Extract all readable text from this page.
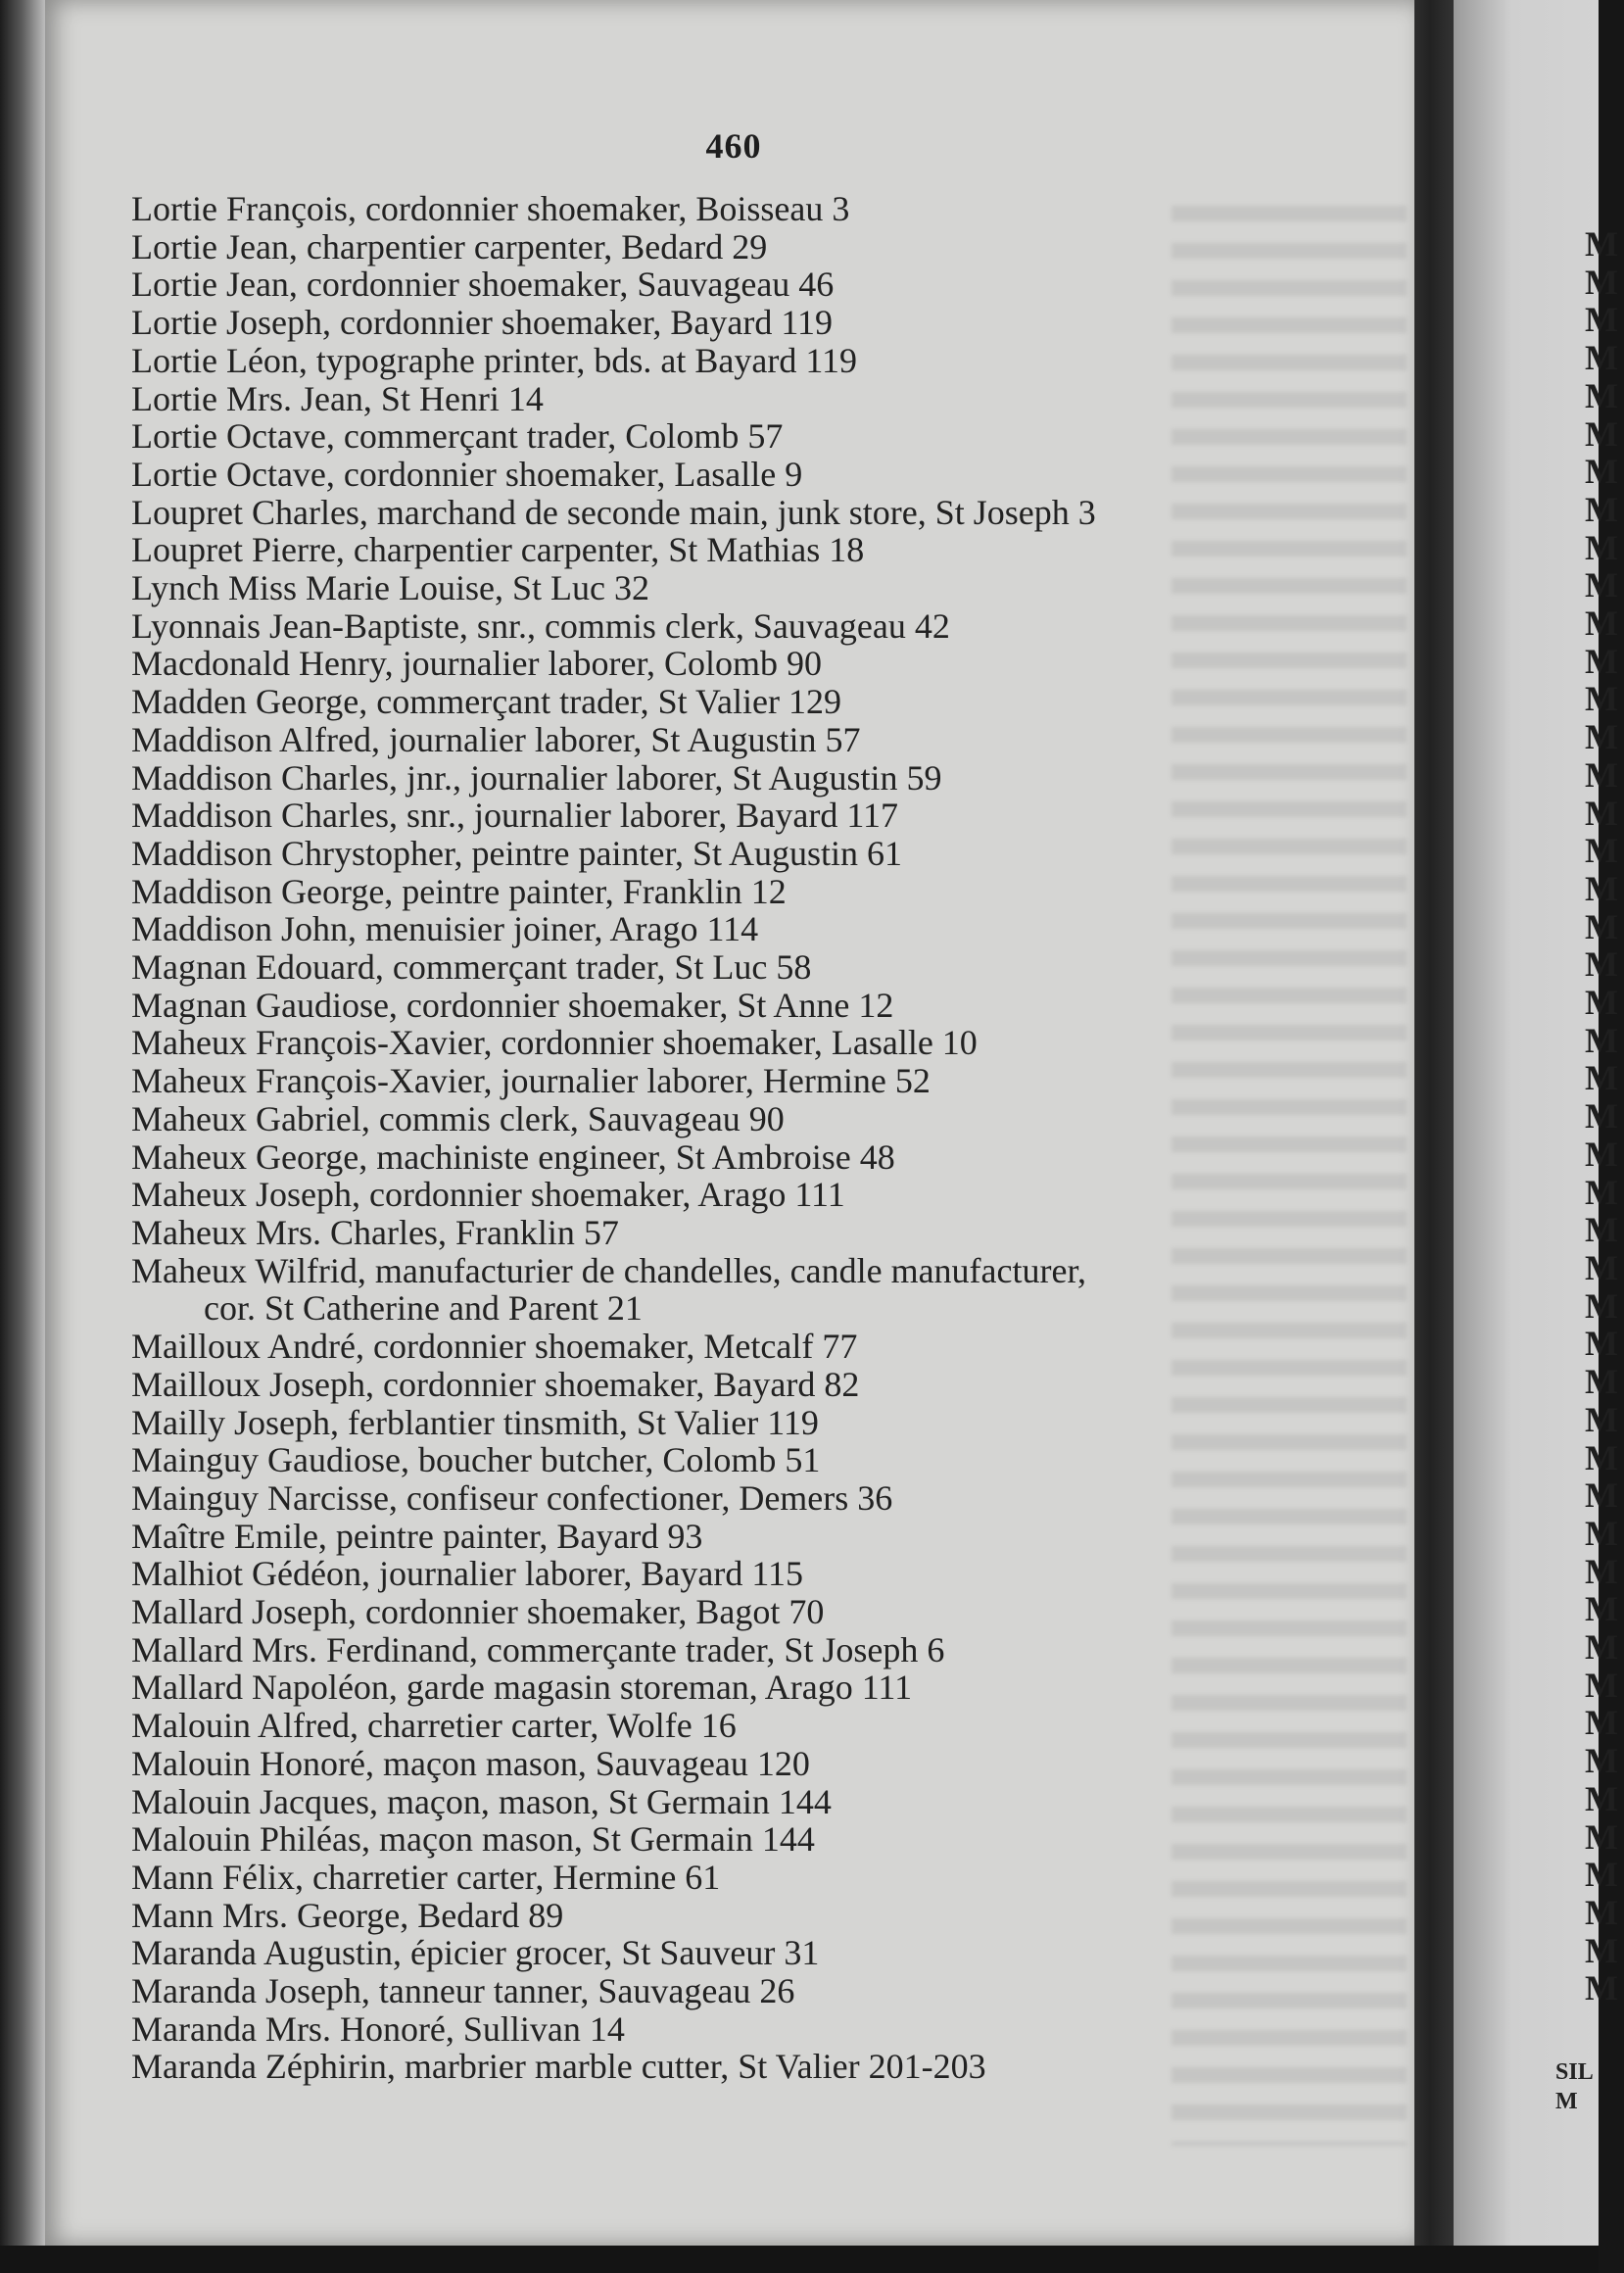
460
Lortie François, cordonnier shoemaker, Boisseau 3
Lortie Jean, charpentier carpenter, Bedard 29
Lortie Jean, cordonnier shoemaker, Sauvageau 46
Lortie Joseph, cordonnier shoemaker, Bayard 119
Lortie Léon, typographe printer, bds. at Bayard 119
Lortie Mrs. Jean, St Henri 14
Lortie Octave, commerçant trader, Colomb 57
Lortie Octave, cordonnier shoemaker, Lasalle 9
Loupret Charles, marchand de seconde main, junk store, St Joseph 3
Loupret Pierre, charpentier carpenter, St Mathias 18
Lynch Miss Marie Louise, St Luc 32
Lyonnais Jean-Baptiste, snr., commis clerk, Sauvageau 42
Macdonald Henry, journalier laborer, Colomb 90
Madden George, commerçant trader, St Valier 129
Maddison Alfred, journalier laborer, St Augustin 57
Maddison Charles, jnr., journalier laborer, St Augustin 59
Maddison Charles, snr., journalier laborer, Bayard 117
Maddison Chrystopher, peintre painter, St Augustin 61
Maddison George, peintre painter, Franklin 12
Maddison John, menuisier joiner, Arago 114
Magnan Edouard, commerçant trader, St Luc 58
Magnan Gaudiose, cordonnier shoemaker, St Anne 12
Maheux François-Xavier, cordonnier shoemaker, Lasalle 10
Maheux François-Xavier, journalier laborer, Hermine 52
Maheux Gabriel, commis clerk, Sauvageau 90
Maheux George, machiniste engineer, St Ambroise 48
Maheux Joseph, cordonnier shoemaker, Arago 111
Maheux Mrs. Charles, Franklin 57
Maheux Wilfrid, manufacturier de chandelles, candle manufacturer,
cor. St Catherine and Parent 21
Mailloux André, cordonnier shoemaker, Metcalf 77
Mailloux Joseph, cordonnier shoemaker, Bayard 82
Mailly Joseph, ferblantier tinsmith, St Valier 119
Mainguy Gaudiose, boucher butcher, Colomb 51
Mainguy Narcisse, confiseur confectioner, Demers 36
Maître Emile, peintre painter, Bayard 93
Malhiot Gédéon, journalier laborer, Bayard 115
Mallard Joseph, cordonnier shoemaker, Bagot 70
Mallard Mrs. Ferdinand, commerçante trader, St Joseph 6
Mallard Napoléon, garde magasin storeman, Arago 111
Malouin Alfred, charretier carter, Wolfe 16
Malouin Honoré, maçon mason, Sauvageau 120
Malouin Jacques, maçon, mason, St Germain 144
Malouin Philéas, maçon mason, St Germain 144
Mann Félix, charretier carter, Hermine 61
Mann Mrs. George, Bedard 89
Maranda Augustin, épicier grocer, St Sauveur 31
Maranda Joseph, tanneur tanner, Sauvageau 26
Maranda Mrs. Honoré, Sullivan 14
Maranda Zéphirin, marbrier marble cutter, St Valier 201-203
M
M
M
M
M
M
M
M
M
M
M
M
M
M
M
M
M
M
M
M
M
M
M
M
M
M
M
M
M
M
M
M
M
M
M
M
M
M
M
M
M
M
M
M
M
M
M
SIL
M
